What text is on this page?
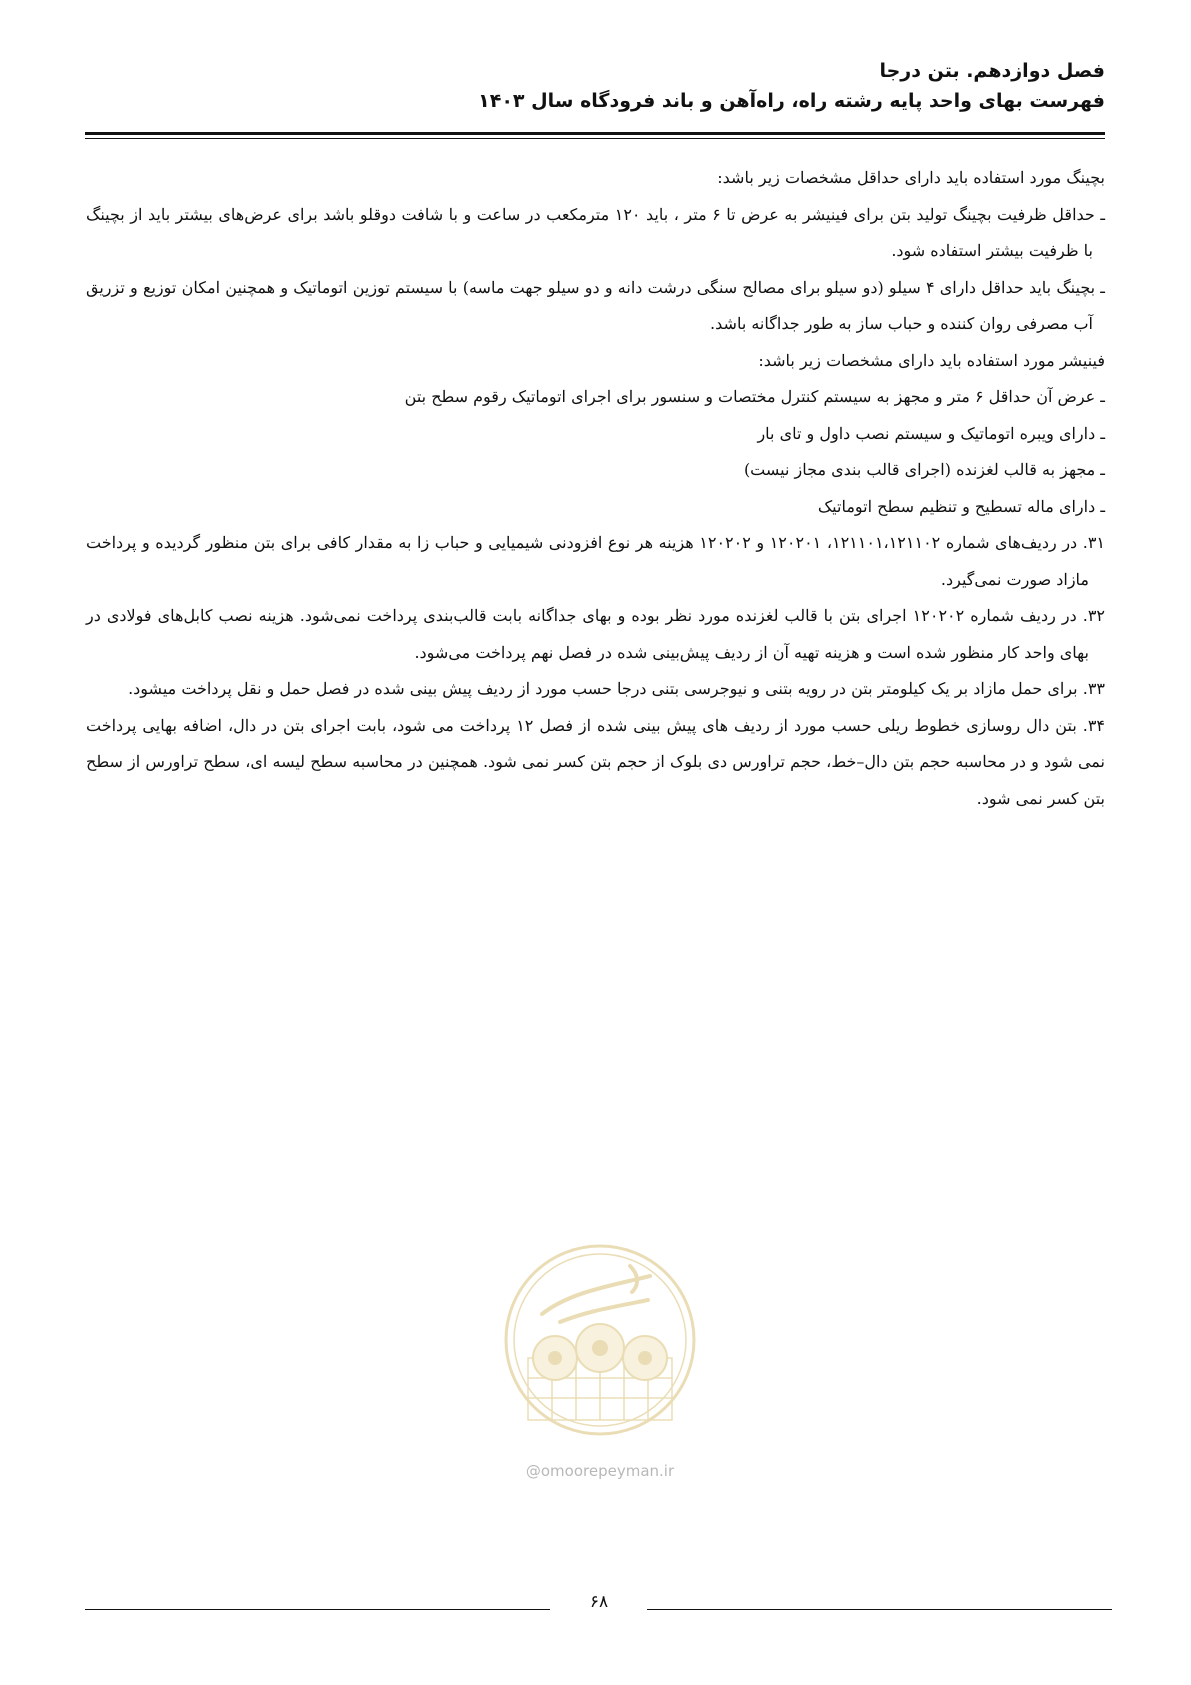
فصل دوازدهم. بتن درجا
فهرست بهای واحد پایه رشته راه، راه‌آهن و باند فرودگاه سال ۱۴۰۳

بچینگ مورد استفاده باید دارای حداقل مشخصات زیر باشد:

ـ حداقل ظرفیت بچینگ تولید بتن برای فینیشر به عرض تا ۶ متر ، باید ۱۲۰ مترمکعب در ساعت و با شافت دوقلو باشد برای عرض‌های بیشتر باید از بچینگ با ظرفیت بیشتر استفاده شود.

ـ بچینگ باید حداقل دارای ۴ سیلو (دو سیلو برای مصالح سنگی درشت دانه و دو سیلو جهت ماسه) با سیستم توزین اتوماتیک و همچنین امکان توزیع و تزریق آب مصرفی روان کننده و حباب ساز به طور جداگانه باشد.

فینیشر مورد استفاده باید دارای مشخصات زیر باشد:

ـ عرض آن حداقل ۶ متر و مجهز به سیستم کنترل مختصات و سنسور برای اجرای اتوماتیک رقوم سطح بتن

ـ دارای ویبره اتوماتیک و سیستم نصب داول و تای بار

ـ مجهز به قالب لغزنده (اجرای قالب بندی مجاز نیست)

ـ دارای ماله تسطیح و تنظیم سطح اتوماتیک

۳۱. در ردیف‌های شماره ۱۲۱۱۰۱،۱۲۱۱۰۲، ۱۲۰۲۰۱ و ۱۲۰۲۰۲ هزینه هر نوع افزودنی شیمیایی و حباب زا به مقدار کافی برای بتن منظور گردیده و پرداخت مازاد صورت نمی‌گیرد.

۳۲. در ردیف شماره ۱۲۰۲۰۲ اجرای بتن با قالب لغزنده مورد نظر بوده و بهای جداگانه بابت قالب‌بندی پرداخت نمی‌شود. هزینه نصب کابل‌های فولادی در بهای واحد کار منظور شده است و هزینه تهیه آن از ردیف پیش‌بینی شده در فصل نهم پرداخت می‌شود.

۳۳. برای حمل مازاد بر یک کیلومتر بتن در رویه بتنی و نیوجرسی بتنی درجا حسب مورد از ردیف پیش بینی شده در فصل حمل و نقل پرداخت میشود.

۳۴. بتن دال روسازی خطوط ریلی حسب مورد از ردیف های پیش بینی شده از فصل ۱۲ پرداخت می شود، بابت اجرای بتن در دال، اضافه بهایی پرداخت نمی شود و در محاسبه حجم بتن دال–خط، حجم تراورس دی بلوک از حجم بتن کسر نمی شود. همچنین در محاسبه سطح لیسه ای، سطح تراورس از سطح بتن کسر نمی شود.

@omoorepeyman.ir
۶۸
